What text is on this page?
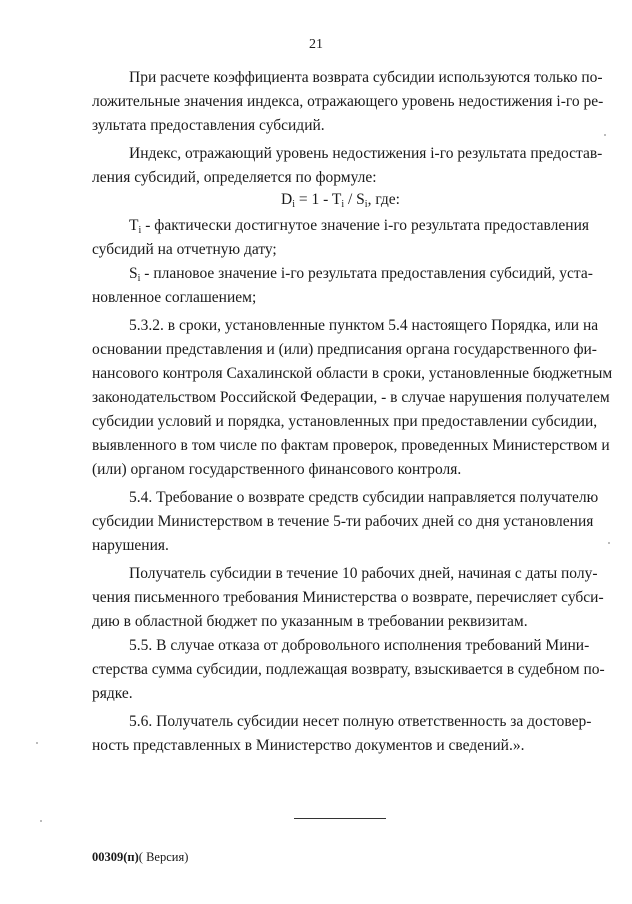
21
При расчете коэффициента возврата субсидии используются только по-
ложительные значения индекса, отражающего уровень недостижения i-го ре-
зультата предоставления субсидий.
Индекс, отражающий уровень недостижения i-го результата предостав-
ления субсидий, определяется по формуле:
$D_i = 1 - T_i / S_i$, где:
$T_i$ - фактически достигнутое значение i-го результата предоставления
субсидий на отчетную дату;
$S_i$ - плановое значение i-го результата предоставления субсидий, уста-
новленное соглашением;
5.3.2. в сроки, установленные пунктом 5.4 настоящего Порядка, или на
основании представления и (или) предписания органа государственного фи-
нансового контроля Сахалинской области в сроки, установленные бюджетным
законодательством Российской Федерации, - в случае нарушения получателем
субсидии условий и порядка, установленных при предоставлении субсидии,
выявленного в том числе по фактам проверок, проведенных Министерством и
(или) органом государственного финансового контроля.
5.4. Требование о возврате средств субсидии направляется получателю
субсидии Министерством в течение 5-ти рабочих дней со дня установления
нарушения.
Получатель субсидии в течение 10 рабочих дней, начиная с даты полу-
чения письменного требования Министерства о возврате, перечисляет субси-
дию в областной бюджет по указанным в требовании реквизитам.
5.5. В случае отказа от добровольного исполнения требований Мини-
стерства сумма субсидии, подлежащая возврату, взыскивается в судебном по-
рядке.
5.6. Получатель субсидии несет полную ответственность за достовер-
ность представленных в Министерство документов и сведений.».
00309(п)( Версия)
